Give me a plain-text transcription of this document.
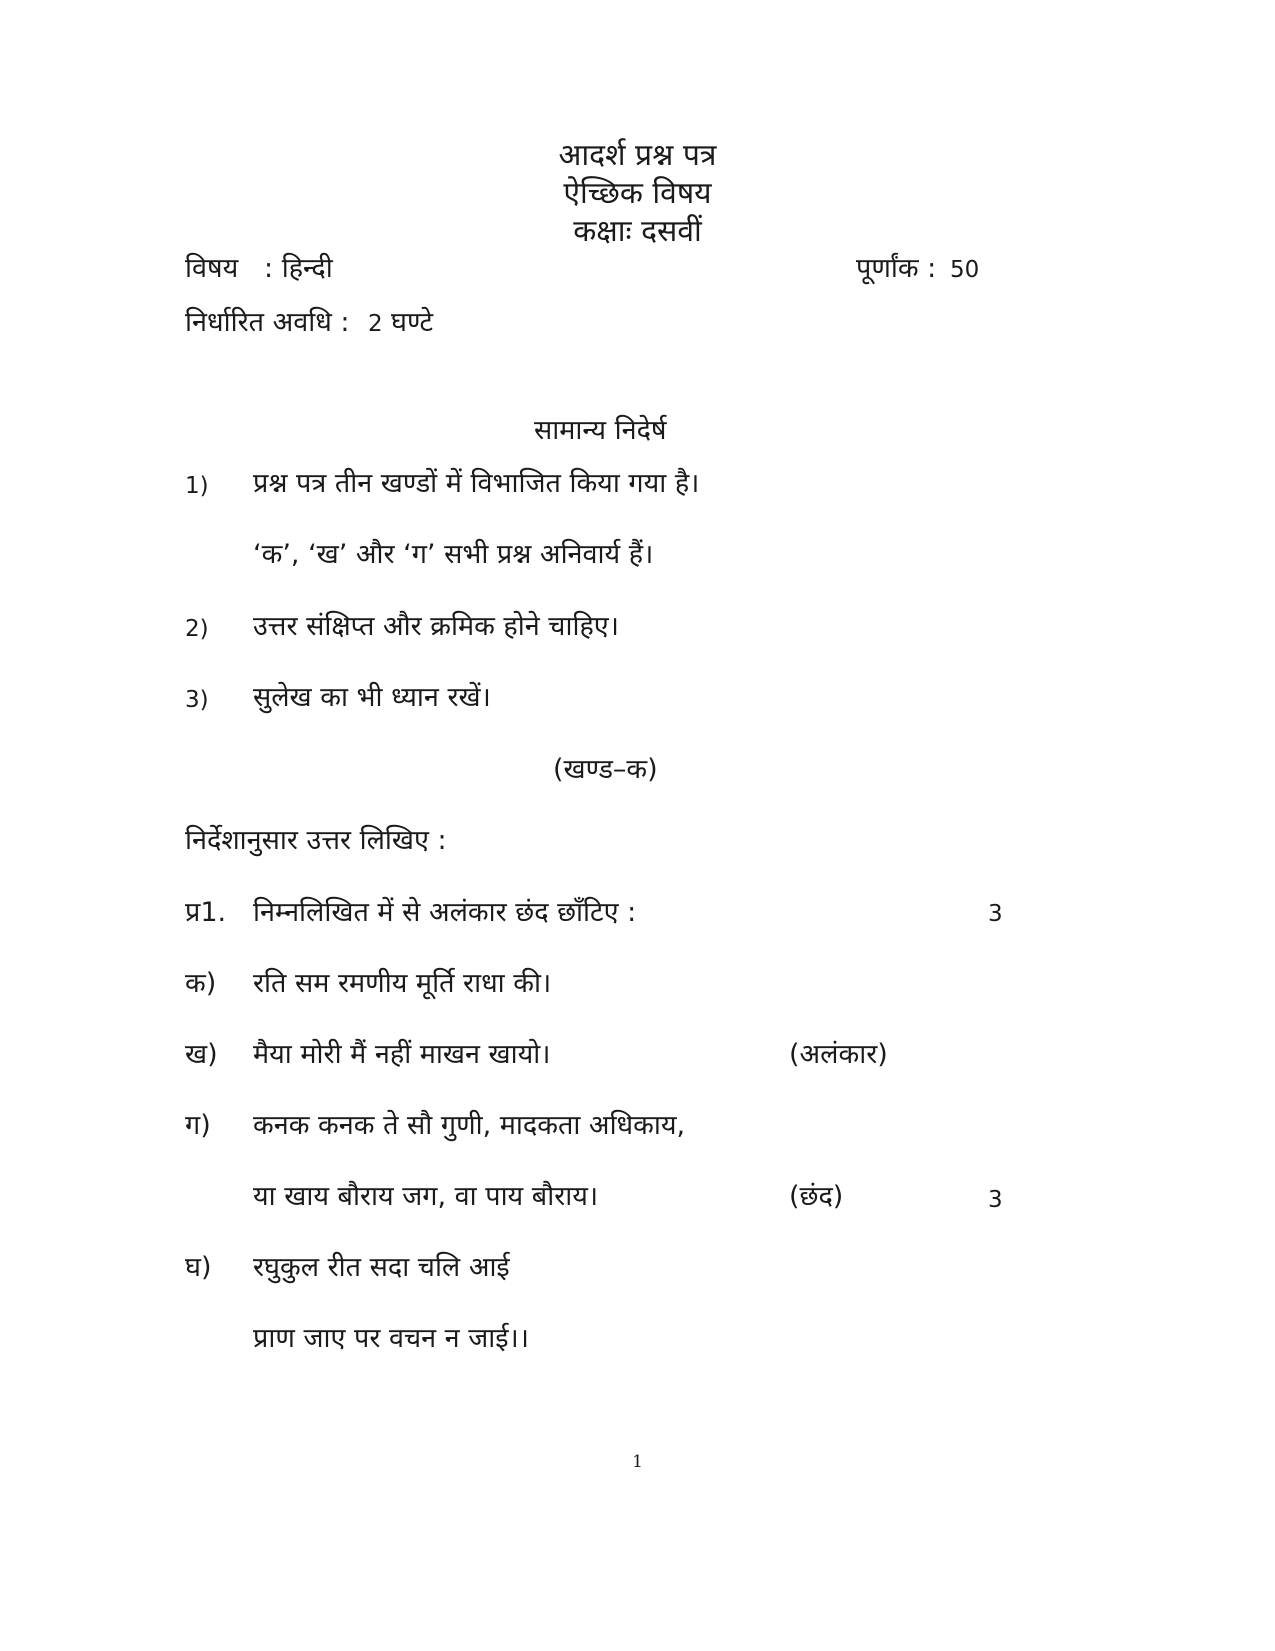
आदर्श प्रश्न पत्र
ऐच्छिक विषय
कक्षाः दसवीं
विषय   : हिन्दी	पूर्णांक : 50
निर्धारित अवधि : 2 घण्टे
सामान्य निदेर्ष
1) प्रश्न पत्र तीन खण्डों में विभाजित किया गया है।
‘क’, ‘ख’ और ‘ग’ सभी प्रश्न अनिवार्य हैं।
2) उत्तर संक्षिप्त और क्रमिक होने चाहिए।
3) सुलेख का भी ध्यान रखें।
(खण्ड–क)
निर्देशानुसार उत्तर लिखिए :
प्र1. निम्नलिखित में से अलंकार छंद छाँटिए :	3
क) रति सम रमणीय मूर्ति राधा की।
ख) मैया मोरी मैं नहीं माखन खायो।	(अलंकार)
ग) कनक कनक ते सौ गुणी, मादकता अधिकाय,
या खाय बौराय जग, वा पाय बौराय।	(छंद)	3
घ) रघुकुल रीत सदा चलि आई
प्राण जाए पर वचन न जाई।।
1
